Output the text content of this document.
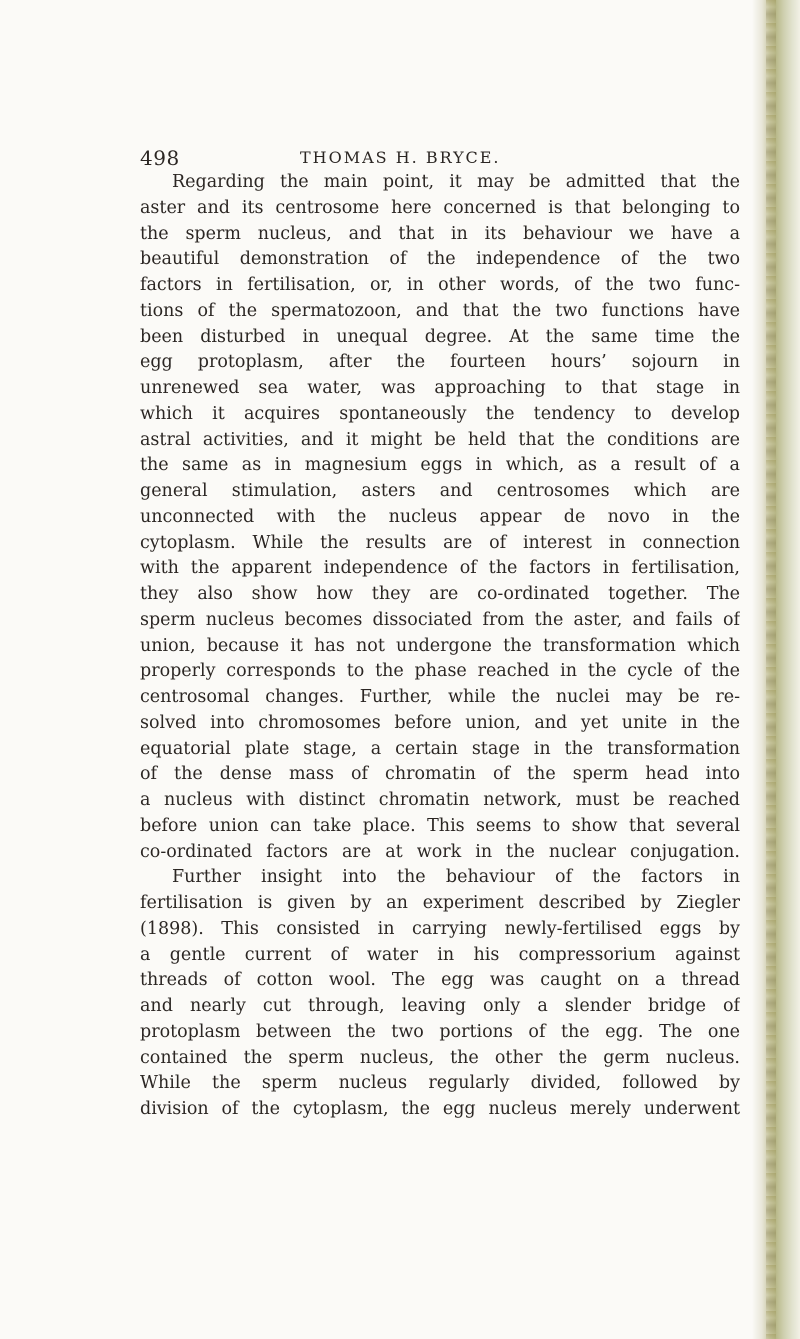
498	THOMAS H. BRYCE.
Regarding the main point, it may be admitted that the
aster and its centrosome here concerned is that belonging to
the sperm nucleus, and that in its behaviour we have a
beautiful demonstration of the independence of the two
factors in fertilisation, or, in other words, of the two func-
tions of the spermatozoon, and that the two functions have
been disturbed in unequal degree. At the same time the
egg protoplasm, after the fourteen hours’ sojourn in
unrenewed sea water, was approaching to that stage in
which it acquires spontaneously the tendency to develop
astral activities, and it might be held that the conditions are
the same as in magnesium eggs in which, as a result of a
general stimulation, asters and centrosomes which are
unconnected with the nucleus appear de novo in the
cytoplasm. While the results are of interest in connection
with the apparent independence of the factors in fertilisation,
they also show how they are co-ordinated together. The
sperm nucleus becomes dissociated from the aster, and fails of
union, because it has not undergone the transformation which
properly corresponds to the phase reached in the cycle of the
centrosomal changes. Further, while the nuclei may be re-
solved into chromosomes before union, and yet unite in the
equatorial plate stage, a certain stage in the transformation
of the dense mass of chromatin of the sperm head into
a nucleus with distinct chromatin network, must be reached
before union can take place. This seems to show that several
co-ordinated factors are at work in the nuclear conjugation.
Further insight into the behaviour of the factors in
fertilisation is given by an experiment described by Ziegler
(1898). This consisted in carrying newly-fertilised eggs by
a gentle current of water in his compressorium against
threads of cotton wool. The egg was caught on a thread
and nearly cut through, leaving only a slender bridge of
protoplasm between the two portions of the egg. The one
contained the sperm nucleus, the other the germ nucleus.
While the sperm nucleus regularly divided, followed by
division of the cytoplasm, the egg nucleus merely underwent
